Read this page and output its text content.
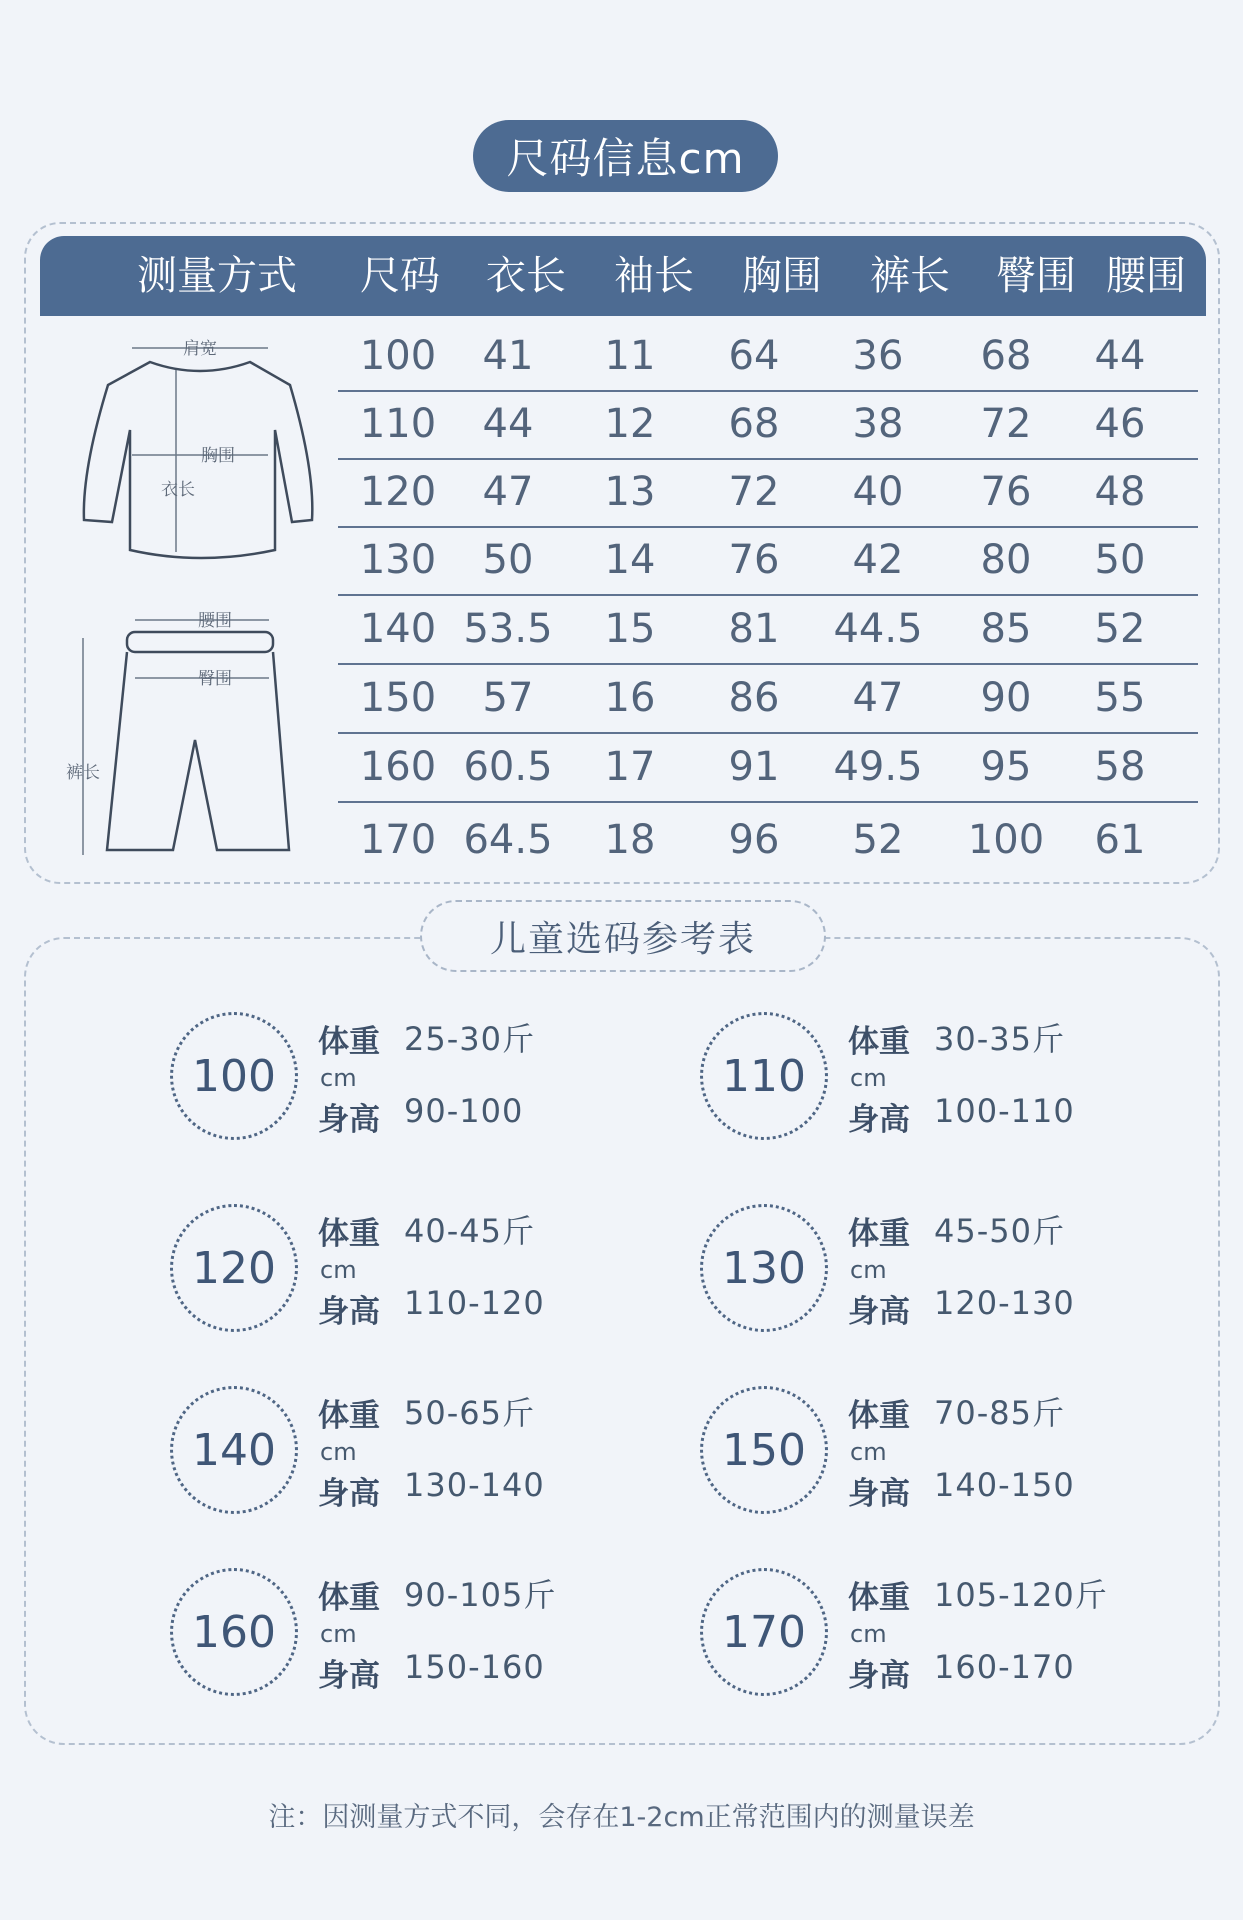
尺码信息cm
测量方式	尺码	衣长	袖长	胸围	裤长	臀围 腰围
100	41	11	64	36	68	44
110	44	12	68	38	72	46
120	47	13	72	40	76	48
130	50	14	76	42	80	50
140 53.5	15	81	44.5	85	52
150	57	16	86	47	90	55
160 60.5	17	91	49.5	95	58
170 64.5	18	96	52	100	61
肩宽
胸围
衣长
腰围
臀围
裤长
儿童选码参考表
100
体重 25-30斤
cm
身高 90-100
110
体重 30-35斤
cm
身高 100-110
120
体重 40-45斤
cm
身高 110-120
130
体重 45-50斤
cm
身高 120-130
140
体重 50-65斤
cm
身高 130-140
150
体重 70-85斤
cm
身高 140-150
160
体重 90-105斤
cm
身高 150-160
170
体重 105-120斤
cm
身高 160-170
注：因测量方式不同，会存在1-2cm正常范围内的测量误差
